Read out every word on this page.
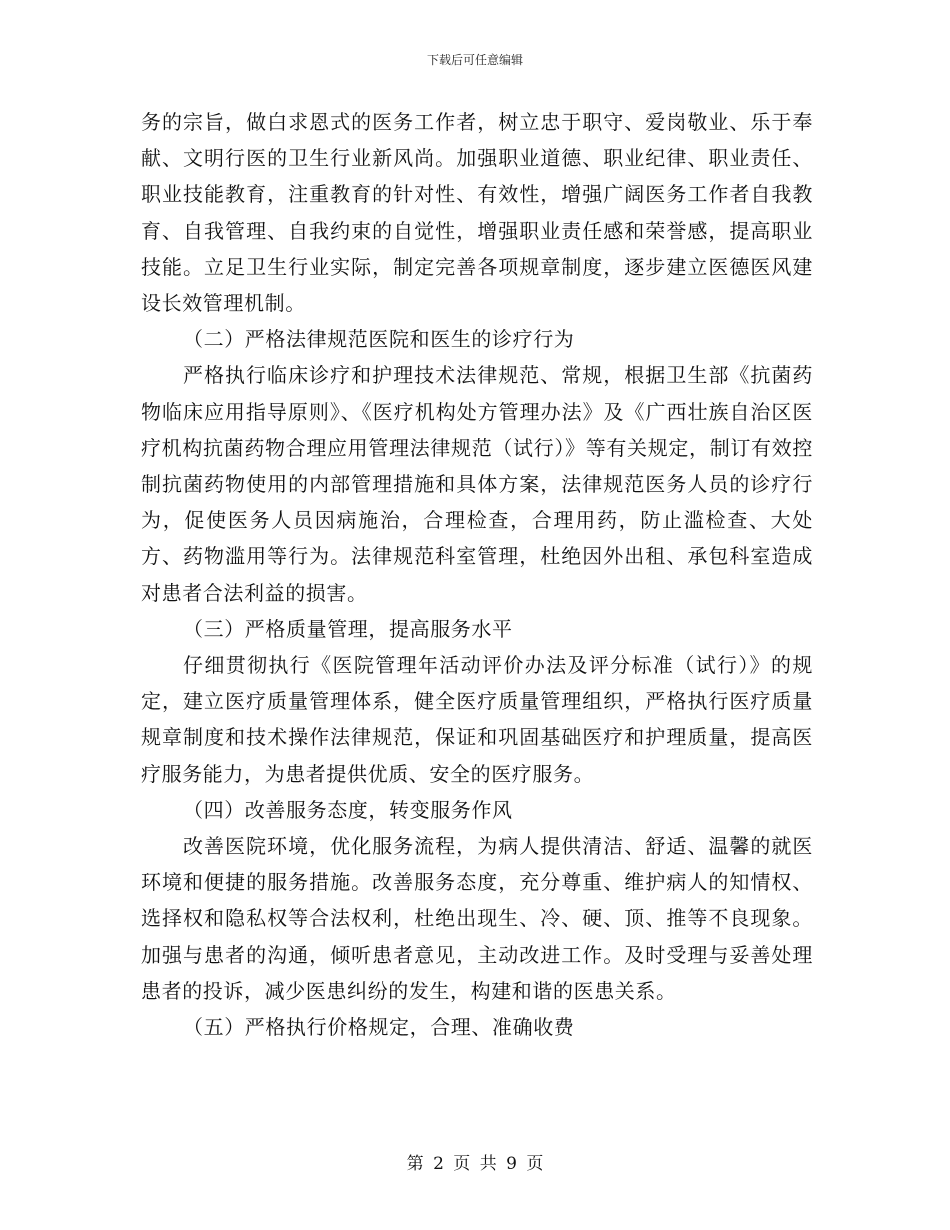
下载后可任意编辑

务的宗旨，做白求恩式的医务工作者，树立忠于职守、爱岗敬业、乐于奉献、文明行医的卫生行业新风尚。加强职业道德、职业纪律、职业责任、职业技能教育，注重教育的针对性、有效性，增强广阔医务工作者自我教育、自我管理、自我约束的自觉性，增强职业责任感和荣誉感，提高职业技能。立足卫生行业实际，制定完善各项规章制度，逐步建立医德医风建设长效管理机制。

（二）严格法律规范医院和医生的诊疗行为

严格执行临床诊疗和护理技术法律规范、常规，根据卫生部《抗菌药物临床应用指导原则》、《医疗机构处方管理办法》及《广西壮族自治区医疗机构抗菌药物合理应用管理法律规范（试行）》等有关规定，制订有效控制抗菌药物使用的内部管理措施和具体方案，法律规范医务人员的诊疗行为，促使医务人员因病施治，合理检查，合理用药，防止滥检查、大处方、药物滥用等行为。法律规范科室管理，杜绝因外出租、承包科室造成对患者合法利益的损害。

（三）严格质量管理，提高服务水平

仔细贯彻执行《医院管理年活动评价办法及评分标准（试行）》的规定，建立医疗质量管理体系，健全医疗质量管理组织，严格执行医疗质量规章制度和技术操作法律规范，保证和巩固基础医疗和护理质量，提高医疗服务能力，为患者提供优质、安全的医疗服务。

（四）改善服务态度，转变服务作风

改善医院环境，优化服务流程，为病人提供清洁、舒适、温馨的就医环境和便捷的服务措施。改善服务态度，充分尊重、维护病人的知情权、选择权和隐私权等合法权利，杜绝出现生、冷、硬、顶、推等不良现象。加强与患者的沟通，倾听患者意见，主动改进工作。及时受理与妥善处理患者的投诉，减少医患纠纷的发生，构建和谐的医患关系。

（五）严格执行价格规定，合理、准确收费

第 2 页 共 9 页
